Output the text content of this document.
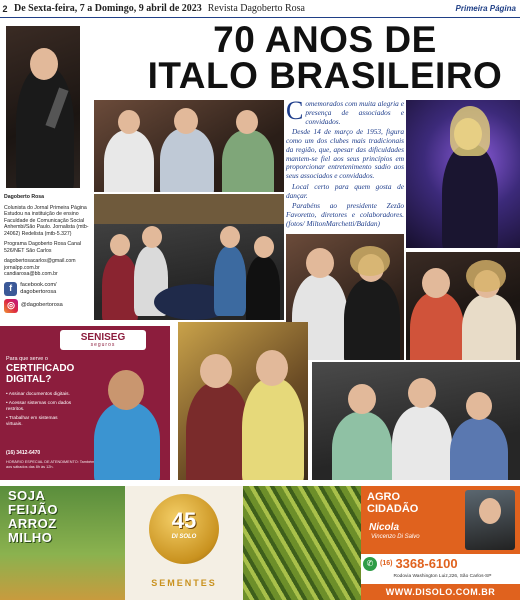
2 De Sexta-feira, 7 a Domingo, 9 abril de 2023 Revista Dagoberto Rosa	Primeira Página
Dagoberto Rosa
Colunista do Jornal Primeira Página Estudou na instituição de ensino Faculdade de Comunicação Social Anhembi/São Paulo. Jornalista (mtb-24062) Redelista (mtb-5.327)
Programa Dagoberto Rosa Canal 526/NET São Carlos
dagobertosacarlos@gmail.com
jornalpp.com.br
candiarosa@bb.com.br
f	facebook.com/ dagobertorosa
◎	@dagobertorosa
70 ANOS DE
ITALO BRASILEIRO

Comemorados com muita alegria e presença de associados e convidados.

Desde 14 de março de 1953, figura como um dos clubes mais tradicionais da região, que, apesar das dificuldades mantem-se fiel aos seus princípios em proporcionar entretenimento sadio aos seus associados e convidados.

Local certo para quem gosta de dançar.

Parabéns ao presidente Zezão Favoretto, diretores e colaboradores. (fotos/ MiltonMarchetti/Baldan)

SENISEG
seguros
Para que serve o
CERTIFICADO DIGITAL?
• Assinar documentos digitais.
• Acessar sistemas com dados restritos.
• Trabalhar em sistemas virtuais.
(16) 3412-6470
HORÁRIO ESPECIAL DE ATENDIMENTO: Também aos sábados das 8h às 12h.
SOJA
FEIJÃO
ARROZ
MILHO
45
DI SOLO
SEMENTES
AGRO
CIDADÃO
Nicola
Vincenzo Di Salvo
✆ (16) 3368-6100
Rodovia Washington Luiz,226, São Carlos-SP
WWW.DISOLO.COM.BR
